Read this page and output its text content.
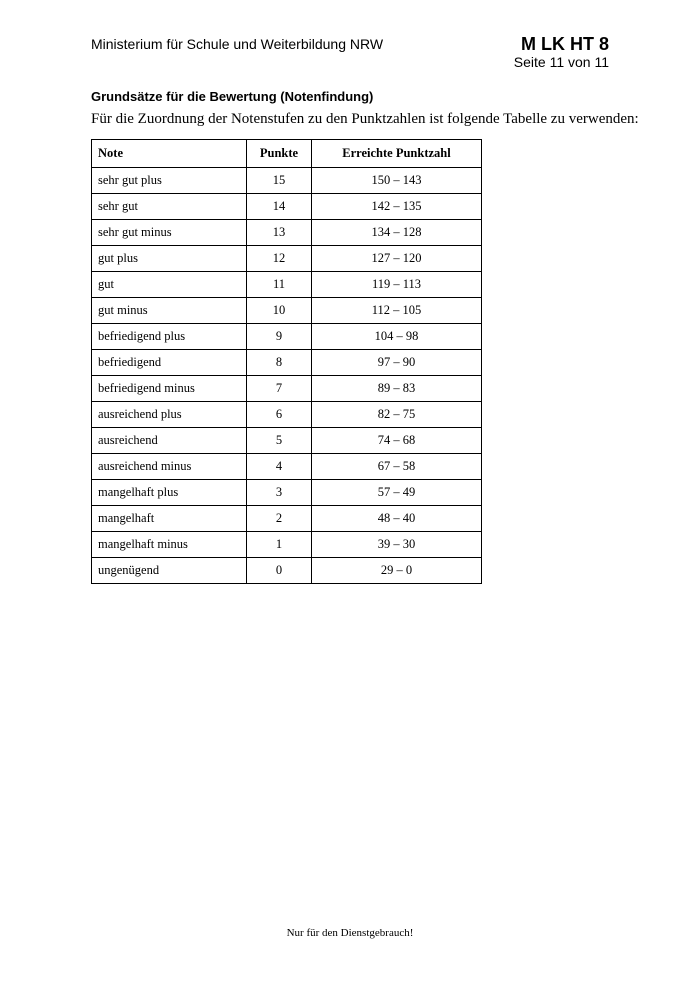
Ministerium für Schule und Weiterbildung NRW	M LK HT 8
Seite 11 von 11
Grundsätze für die Bewertung (Notenfindung)
Für die Zuordnung der Notenstufen zu den Punktzahlen ist folgende Tabelle zu verwenden:
Note	Punkte	Erreichte Punktzahl
sehr gut plus	15	150 – 143
sehr gut	14	142 – 135
sehr gut minus	13	134 – 128
gut plus	12	127 – 120
gut	11	119 – 113
gut minus	10	112 – 105
befriedigend plus	9	104 – 98
befriedigend	8	97 – 90
befriedigend minus	7	89 – 83
ausreichend plus	6	82 – 75
ausreichend	5	74 – 68
ausreichend minus	4	67 – 58
mangelhaft plus	3	57 – 49
mangelhaft	2	48 – 40
mangelhaft minus	1	39 – 30
ungenügend	0	29 – 0
Nur für den Dienstgebrauch!
